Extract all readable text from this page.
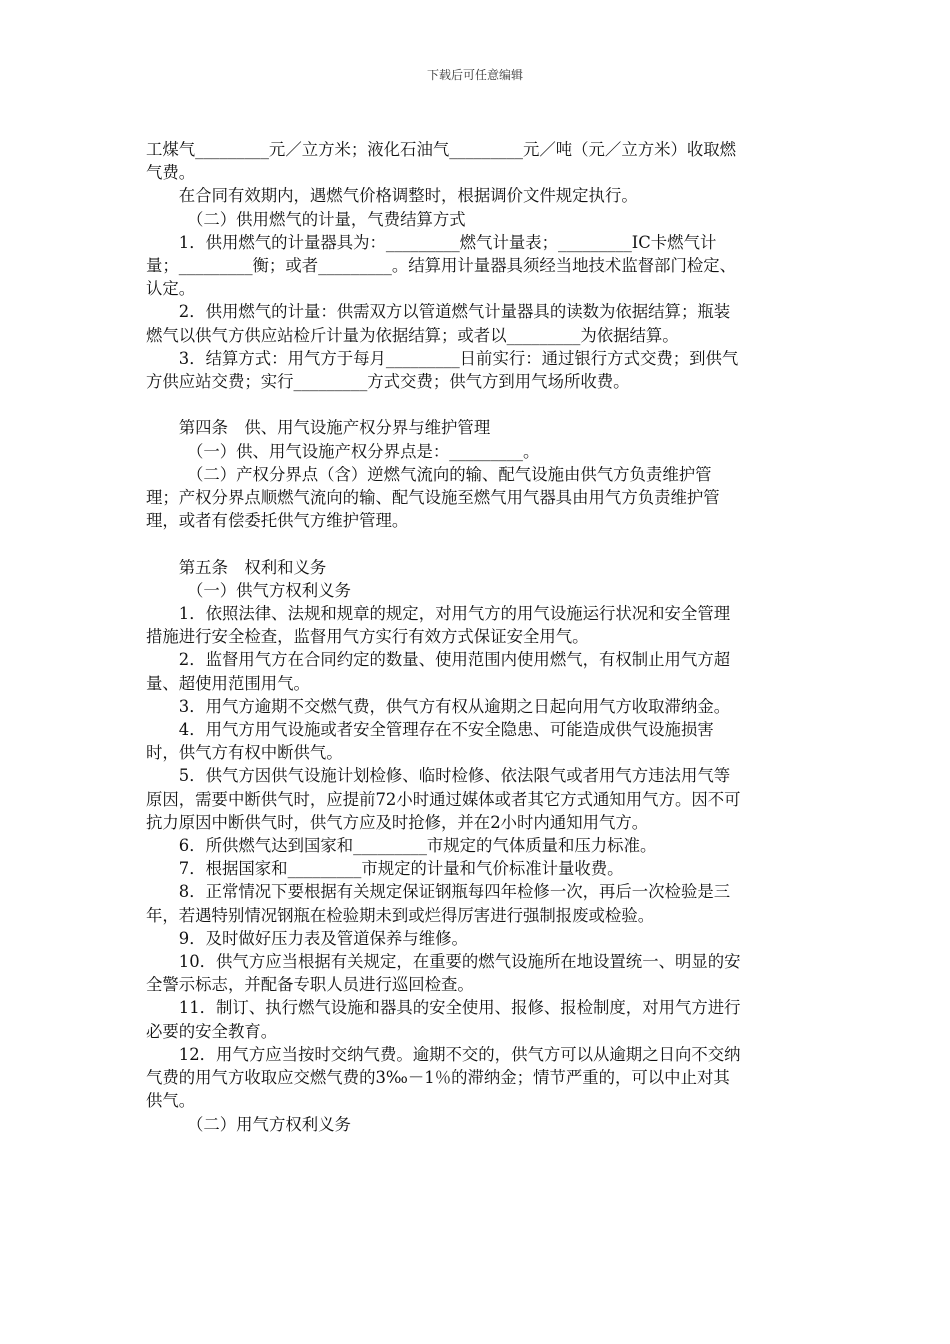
下载后可任意编辑

工煤气_________元／立方米；液化石油气_________元／吨（元／立方米）收取燃气费。

在合同有效期内，遇燃气价格调整时，根据调价文件规定执行。

（二）供用燃气的计量，气费结算方式

1．供用燃气的计量器具为：_________燃气计量表；_________IC卡燃气计量；_________衡；或者_________。结算用计量器具须经当地技术监督部门检定、认定。

2．供用燃气的计量：供需双方以管道燃气计量器具的读数为依据结算；瓶装燃气以供气方供应站检斤计量为依据结算；或者以_________为依据结算。

3．结算方式：用气方于每月_________日前实行：通过银行方式交费；到供气方供应站交费；实行_________方式交费；供气方到用气场所收费。

第四条　供、用气设施产权分界与维护管理

（一）供、用气设施产权分界点是：_________。

（二）产权分界点（含）逆燃气流向的输、配气设施由供气方负责维护管理；产权分界点顺燃气流向的输、配气设施至燃气用气器具由用气方负责维护管理，或者有偿委托供气方维护管理。

第五条　权利和义务

（一）供气方权利义务

1．依照法律、法规和规章的规定，对用气方的用气设施运行状况和安全管理措施进行安全检查，监督用气方实行有效方式保证安全用气。

2．监督用气方在合同约定的数量、使用范围内使用燃气，有权制止用气方超量、超使用范围用气。

3．用气方逾期不交燃气费，供气方有权从逾期之日起向用气方收取滞纳金。

4．用气方用气设施或者安全管理存在不安全隐患、可能造成供气设施损害时，供气方有权中断供气。

5．供气方因供气设施计划检修、临时检修、依法限气或者用气方违法用气等原因，需要中断供气时，应提前72小时通过媒体或者其它方式通知用气方。因不可抗力原因中断供气时，供气方应及时抢修，并在2小时内通知用气方。

6．所供燃气达到国家和_________市规定的气体质量和压力标准。

7．根据国家和_________市规定的计量和气价标准计量收费。

8．正常情况下要根据有关规定保证钢瓶每四年检修一次，再后一次检验是三年，若遇特别情况钢瓶在检验期未到或烂得厉害进行强制报废或检验。

9．及时做好压力表及管道保养与维修。

10．供气方应当根据有关规定，在重要的燃气设施所在地设置统一、明显的安全警示标志，并配备专职人员进行巡回检查。

11．制订、执行燃气设施和器具的安全使用、报修、报检制度，对用气方进行必要的安全教育。

12．用气方应当按时交纳气费。逾期不交的，供气方可以从逾期之日向不交纳气费的用气方收取应交燃气费的3‰－1％的滞纳金；情节严重的，可以中止对其供气。

（二）用气方权利义务
